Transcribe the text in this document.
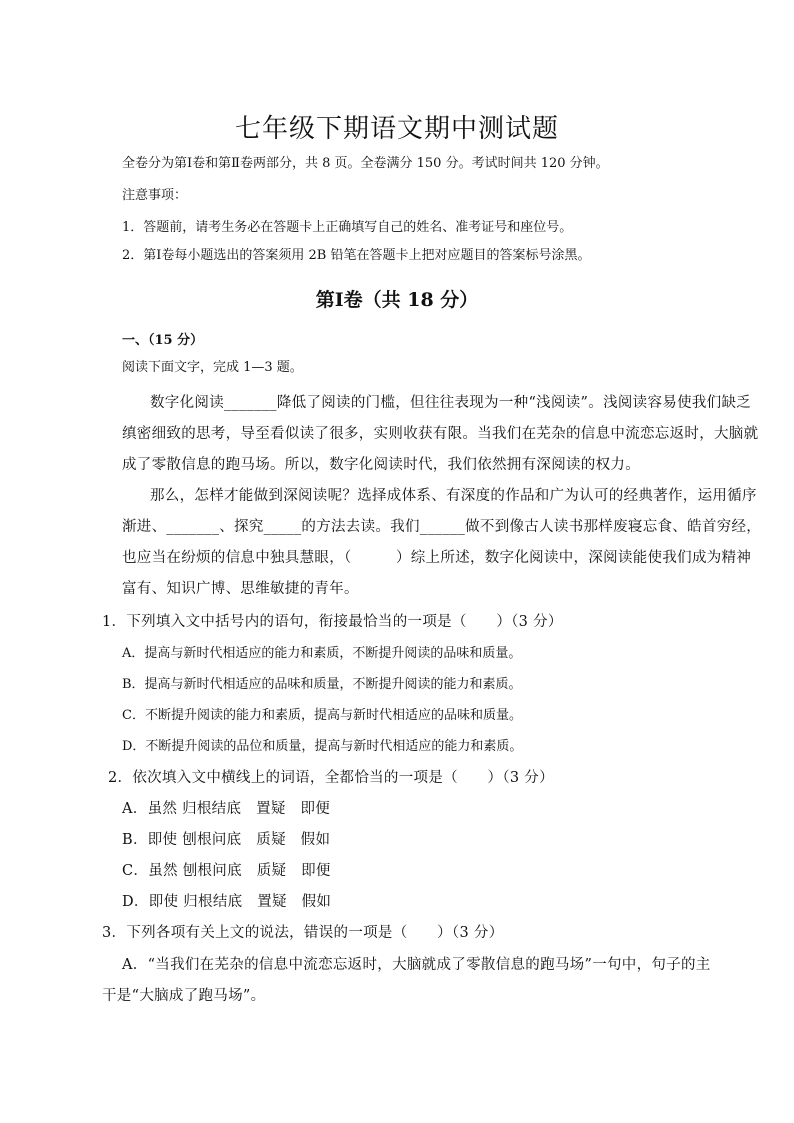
七年级下期语文期中测试题
全卷分为第Ⅰ卷和第Ⅱ卷两部分，共 8 页。全卷满分 150 分。考试时间共 120 分钟。
注意事项：
1．答题前，请考生务必在答题卡上正确填写自己的姓名、准考证号和座位号。
2．第Ⅰ卷每小题选出的答案须用 2B 铅笔在答题卡上把对应题目的答案标号涂黑。
第Ⅰ卷（共 18 分）
一、（15 分）
阅读下面文字，完成 1—3 题。
数字化阅读_______降低了阅读的门槛，但往往表现为一种“浅阅读”。浅阅读容易使我们缺乏
缜密细致的思考，导至看似读了很多，实则收获有限。当我们在芜杂的信息中流恋忘返时，大脑就
成了零散信息的跑马场。所以，数字化阅读时代，我们依然拥有深阅读的权力。
那么，怎样才能做到深阅读呢？选择成体系、有深度的作品和广为认可的经典著作，运用循序
渐进、_______、探究_____的方法去读。我们______做不到像古人读书那样废寝忘食、皓首穷经，
也应当在纷烦的信息中独具慧眼，（　　　）综上所述，数字化阅读中，深阅读能使我们成为精神
富有、知识广博、思维敏捷的青年。
1．下列填入文中括号内的语句，衔接最恰当的一项是（　　）（3 分）
A．提高与新时代相适应的能力和素质，不断提升阅读的品味和质量。
B．提高与新时代相适应的品味和质量，不断提升阅读的能力和素质。
C．不断提升阅读的能力和素质，提高与新时代相适应的品味和质量。
D．不断提升阅读的品位和质量，提高与新时代相适应的能力和素质。
2．依次填入文中横线上的词语，全都恰当的一项是（　　）（3 分）
A．虽然 归根结底　置疑　即便
B．即使 刨根问底　质疑　假如
C．虽然 刨根问底　质疑　即便
D．即使 归根结底　置疑　假如
3．下列各项有关上文的说法，错误的一项是（　　）（3 分）
A．“当我们在芜杂的信息中流恋忘返时，大脑就成了零散信息的跑马场”一句中，句子的主
干是“大脑成了跑马场”。
